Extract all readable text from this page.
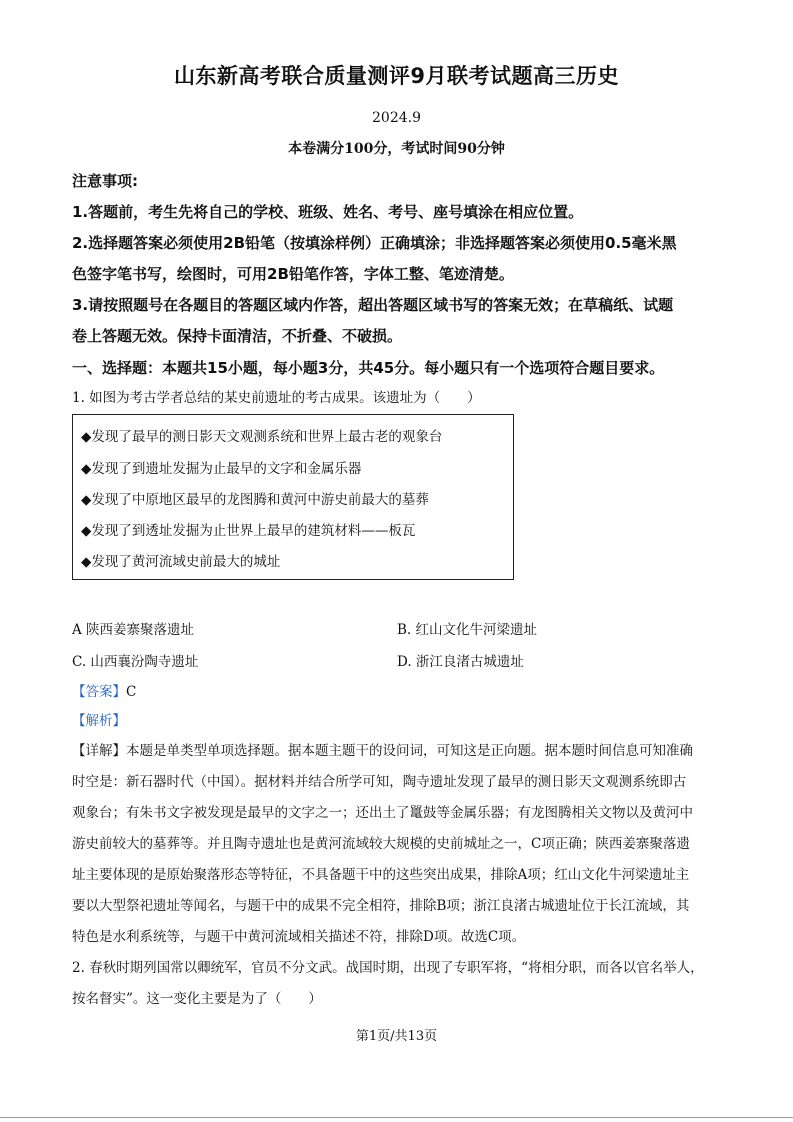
山东新高考联合质量测评9月联考试题高三历史
2024.9
本卷满分100分，考试时间90分钟
注意事项:
1.答题前，考生先将自己的学校、班级、姓名、考号、座号填涂在相应位置。
2.选择题答案必须使用2B铅笔（按填涂样例）正确填涂；非选择题答案必须使用0.5毫米黑
色签字笔书写，绘图时，可用2B铅笔作答，字体工整、笔迹清楚。
3.请按照题号在各题目的答题区域内作答，超出答题区域书写的答案无效；在草稿纸、试题
卷上答题无效。保持卡面清洁，不折叠、不破损。
一、选择题：本题共15小题，每小题3分，共45分。每小题只有一个选项符合题目要求。
1. 如图为考古学者总结的某史前遗址的考古成果。该遗址为（　　）
◆发现了最早的测日影天文观测系统和世界上最古老的观象台
◆发现了到遗址发掘为止最早的文字和金属乐器
◆发现了中原地区最早的龙图腾和黄河中游史前最大的墓葬
◆发现了到透址发掘为止世界上最早的建筑材料——板瓦
◆发现了黄河流域史前最大的城址
A 陕西姜寨聚落遗址	B. 红山文化牛河梁遗址
C. 山西襄汾陶寺遗址	D. 浙江良渚古城遗址
【答案】C
【解析】
【详解】本题是单类型单项选择题。据本题主题干的设问词，可知这是正向题。据本题时间信息可知准确
时空是：新石器时代（中国）。据材料并结合所学可知，陶寺遗址发现了最早的测日影天文观测系统即古
观象台；有朱书文字被发现是最早的文字之一；还出土了鼍鼓等金属乐器；有龙图腾相关文物以及黄河中
游史前较大的墓葬等。并且陶寺遗址也是黄河流域较大规模的史前城址之一，C项正确；陕西姜寨聚落遗
址主要体现的是原始聚落形态等特征，不具备题干中的这些突出成果，排除A项；红山文化牛河梁遗址主
要以大型祭祀遗址等闻名，与题干中的成果不完全相符，排除B项；浙江良渚古城遗址位于长江流域，其
特色是水利系统等，与题干中黄河流域相关描述不符，排除D项。故选C项。
2. 春秋时期列国常以卿统军，官员不分文武。战国时期，出现了专职军将，“将相分职，而各以官名举人，
按名督实”。这一变化主要是为了（　　）
第1页/共13页
